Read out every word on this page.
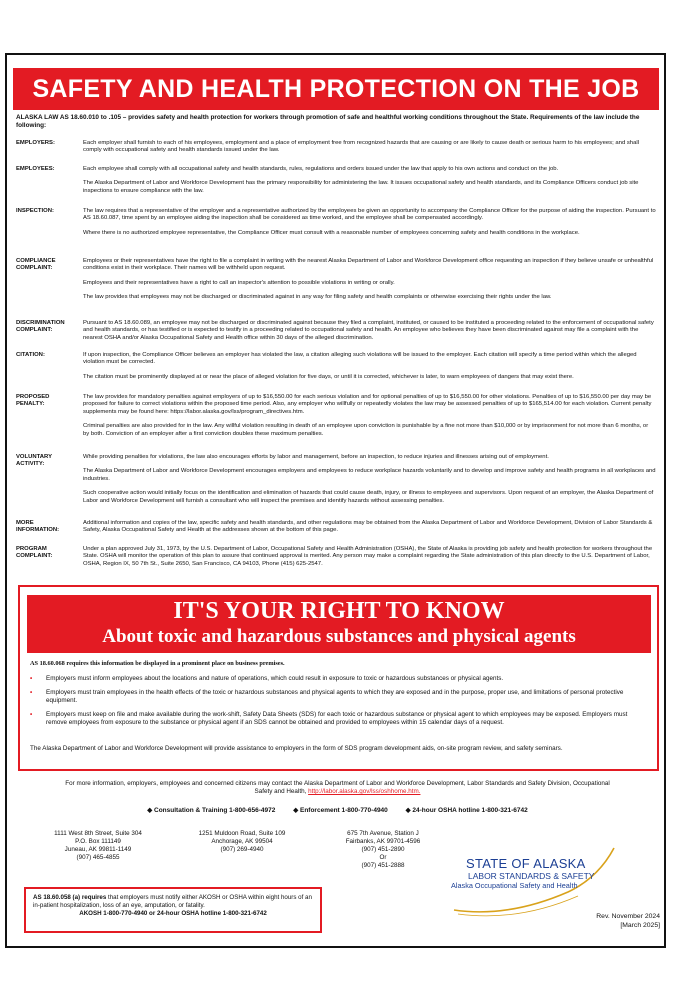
SAFETY AND HEALTH PROTECTION ON THE JOB
ALASKA LAW AS 18.60.010 to .105 – provides safety and health protection for workers through promotion of safe and healthful working conditions throughout the State. Requirements of the law include the following:
EMPLOYERS:	Each employer shall furnish to each of his employees, employment and a place of employment free from recognized hazards that are causing or are likely to cause death or serious harm to his employees; and shall comply with occupational safety and health standards issued under the law.

EMPLOYEES:	Each employee shall comply with all occupational safety and health standards, rules, regulations and orders issued under the law that apply to his own actions and conduct on the job.

The Alaska Department of Labor and Workforce Development has the primary responsibility for administering the law. It issues occupational safety and health standards, and its Compliance Officers conduct job site inspections to ensure compliance with the law.

INSPECTION:	The law requires that a representative of the employer and a representative authorized by the employees be given an opportunity to accompany the Compliance Officer for the purpose of aiding the inspection. Pursuant to AS 18.60.087, time spent by an employee aiding the inspection shall be considered as time worked, and the employee shall be compensated accordingly.

Where there is no authorized employee representative, the Compliance Officer must consult with a reasonable number of employees concerning safety and health conditions in the workplace.

COMPLIANCE COMPLAINT:

Employees or their representatives have the right to file a complaint in writing with the nearest Alaska Department of Labor and Workforce Development office requesting an inspection if they believe unsafe or unhealthful conditions exist in their workplace. Their names will be withheld upon request.

Employees and their representatives have a right to call an inspector's attention to possible violations in writing or orally.

The law provides that employees may not be discharged or discriminated against in any way for filing safety and health complaints or otherwise exercising their rights under the law.

DISCRIMINATION COMPLAINT:

Pursuant to AS 18.60.089, an employee may not be discharged or discriminated against because they filed a complaint, instituted, or caused to be instituted a proceeding related to the enforcement of occupational safety and health standards, or has testified or is expected to testify in a proceeding related to occupational safety and health. An employee who believes they have been discriminated against may file a complaint with the nearest OSHA and/or Alaska Occupational Safety and Health office within 30 days of the alleged discrimination.

CITATION:	If upon inspection, the Compliance Officer believes an employer has violated the law, a citation alleging such violations will be issued to the employer. Each citation will specify a time period within which the alleged violation must be corrected.

The citation must be prominently displayed at or near the place of alleged violation for five days, or until it is corrected, whichever is later, to warn employees of dangers that may exist there.

PROPOSED PENALTY:

The law provides for mandatory penalties against employers of up to $16,550.00 for each serious violation and for optional penalties of up to $16,550.00 for other violations. Penalties of up to $16,550.00 per day may be proposed for failure to correct violations within the proposed time period. Also, any employer who willfully or repeatedly violates the law may be assessed penalties of up to $165,514.00 for each violation. Current penalty supplements may be found here: https://labor.alaska.gov/lss/program_directives.htm.

Criminal penalties are also provided for in the law. Any willful violation resulting in death of an employee upon conviction is punishable by a fine not more than $10,000 or by imprisonment for not more than 6 months, or by both. Conviction of an employer after a first conviction doubles these maximum penalties.

VOLUNTARY ACTIVITY:

While providing penalties for violations, the law also encourages efforts by labor and management, before an inspection, to reduce injuries and illnesses arising out of employment.

The Alaska Department of Labor and Workforce Development encourages employers and employees to reduce workplace hazards voluntarily and to develop and improve safety and health programs in all workplaces and industries.

Such cooperative action would initially focus on the identification and elimination of hazards that could cause death, injury, or illness to employees and supervisors. Upon request of an employer, the Alaska Department of Labor and Workforce Development will furnish a consultant who will inspect the premises and identify hazards without assessing penalties.

MORE INFORMATION:

Additional information and copies of the law, specific safety and health standards, and other regulations may be obtained from the Alaska Department of Labor and Workforce Development, Division of Labor Standards & Safety, Alaska Occupational Safety and Health at the addresses shown at the bottom of this page.

PROGRAM COMPLAINT:

Under a plan approved July 31, 1973, by the U.S. Department of Labor, Occupational Safety and Health Administration (OSHA), the State of Alaska is providing job safety and health protection for workers throughout the State. OSHA will monitor the operation of this plan to assure that continued approval is merited. Any person may make a complaint regarding the State administration of this plan directly to the U.S. Department of Labor, OSHA, Region IX, 50 7th St., Suite 2650, San Francisco, CA 94103, Phone (415) 625-2547.

IT'S YOUR RIGHT TO KNOW
About toxic and hazardous substances and physical agents
AS 18.60.068 requires this information be displayed in a prominent place on business premises.
• Employers must inform employees about the locations and nature of operations, which could result in exposure to toxic or hazardous substances or physical agents.
• Employers must train employees in the health effects of the toxic or hazardous substances and physical agents to which they are exposed and in the purpose, proper use, and limitations of personal protective equipment.
• Employers must keep on file and make available during the work-shift, Safety Data Sheets (SDS) for each toxic or hazardous substance or physical agent to which employees may be exposed. Employers must remove employees from exposure to the substance or physical agent if an SDS cannot be obtained and provided to employees within 15 calendar days of a request.
The Alaska Department of Labor and Workforce Development will provide assistance to employers in the form of SDS program development aids, on-site program review, and safety seminars.
For more information, employers, employees and concerned citizens may contact the Alaska Department of Labor and Workforce Development, Labor Standards and Safety Division, Occupational Safety and Health, http://labor.alaska.gov/lss/oshhome.htm.
◆ Consultation & Training 1-800-656-4972	◆ Enforcement 1-800-770-4940	◆ 24-hour OSHA hotline 1-800-321-6742
1111 West 8th Street, Suite 304
P.O. Box 111149
Juneau, AK 99811-1149
(907) 465-4855
1251 Muldoon Road, Suite 109
Anchorage, AK 99504
(907) 269-4940
675 7th Avenue, Station J
Fairbanks, AK 99701-4596
(907) 451-2890
Or
(907) 451-2888	STATE OF ALASKA
LABOR STANDARDS & SAFETY
Alaska Occupational Safety and Health
AS 18.60.058 (a) requires that employers must notify either AKOSH or OSHA within eight hours of an in-patient hospitalization, loss of an eye, amputation, or fatality.
AKOSH 1-800-770-4940 or 24-hour OSHA hotline 1-800-321-6742	Rev. November 2024
[March 2025]
